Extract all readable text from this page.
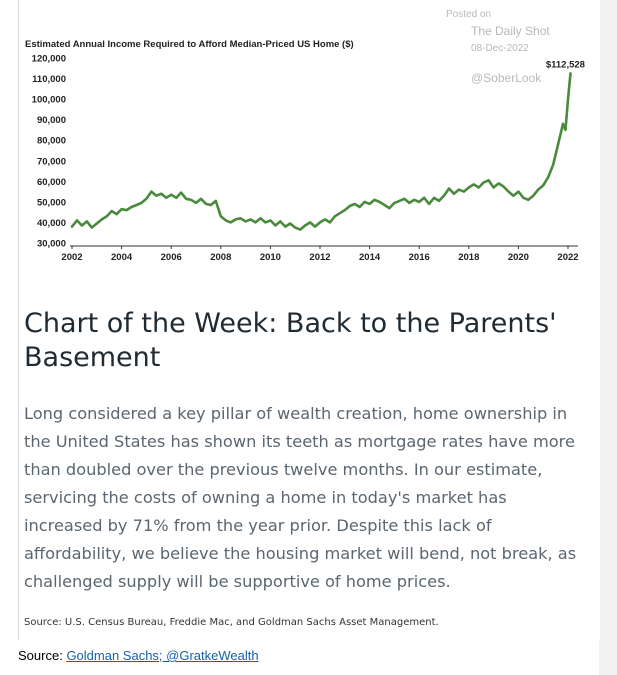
Posted on
The Daily Shot
08-Dec-2022
@SoberLook
Estimated Annual Income Required to Afford Median-Priced US Home ($)
30,000
40,000
50,000
60,000
70,000
80,000
90,000
100,000
110,000
120,000
2002	2004	2006	2008	2010	2012	2014	2016	2018	2020	2022
$112,528
Chart of the Week: Back to the Parents' Basement
Long considered a key pillar of wealth creation, home ownership in the United States has shown its teeth as mortgage rates have more than doubled over the previous twelve months. In our estimate, servicing the costs of owning a home in today's market has increased by 71% from the year prior. Despite this lack of affordability, we believe the housing market will bend, not break, as challenged supply will be supportive of home prices.
Source: U.S. Census Bureau, Freddie Mac, and Goldman Sachs Asset Management.
Source: Goldman Sachs; @GratkeWealth
